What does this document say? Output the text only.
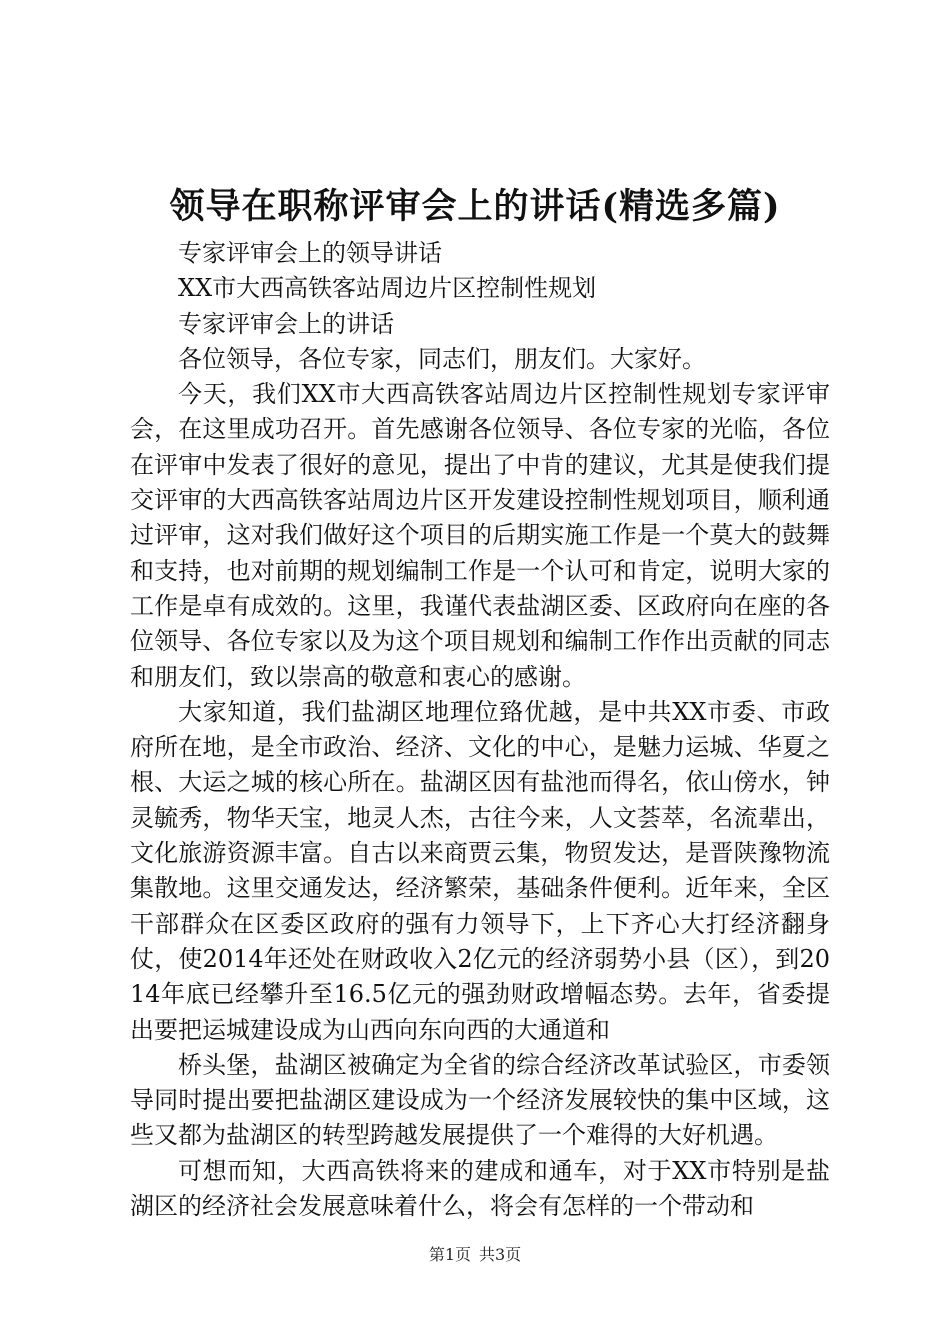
领导在职称评审会上的讲话(精选多篇)

专家评审会上的领导讲话

XX市大西高铁客站周边片区控制性规划

专家评审会上的讲话

各位领导，各位专家，同志们，朋友们。大家好。

今天，我们XX市大西高铁客站周边片区控制性规划专家评审会，在这里成功召开。首先感谢各位领导、各位专家的光临，各位在评审中发表了很好的意见，提出了中肯的建议，尤其是使我们提交评审的大西高铁客站周边片区开发建设控制性规划项目，顺利通过评审，这对我们做好这个项目的后期实施工作是一个莫大的鼓舞和支持，也对前期的规划编制工作是一个认可和肯定，说明大家的工作是卓有成效的。这里，我谨代表盐湖区委、区政府向在座的各位领导、各位专家以及为这个项目规划和编制工作作出贡献的同志和朋友们，致以崇高的敬意和衷心的感谢。

大家知道，我们盐湖区地理位臵优越，是中共XX市委、市政府所在地，是全市政治、经济、文化的中心，是魅力运城、华夏之根、大运之城的核心所在。盐湖区因有盐池而得名，依山傍水，钟灵毓秀，物华天宝，地灵人杰，古往今来，人文荟萃，名流辈出，文化旅游资源丰富。自古以来商贾云集，物贸发达，是晋陕豫物流集散地。这里交通发达，经济繁荣，基础条件便利。近年来，全区干部群众在区委区政府的强有力领导下，上下齐心大打经济翻身仗，使2014年还处在财政收入2亿元的经济弱势小县（区），到2014年底已经攀升至16.5亿元的强劲财政增幅态势。去年，省委提出要把运城建设成为山西向东向西的大通道和

桥头堡，盐湖区被确定为全省的综合经济改革试验区，市委领导同时提出要把盐湖区建设成为一个经济发展较快的集中区域，这些又都为盐湖区的转型跨越发展提供了一个难得的大好机遇。

可想而知，大西高铁将来的建成和通车，对于XX市特别是盐湖区的经济社会发展意味着什么，将会有怎样的一个带动和

第1页 共3页
